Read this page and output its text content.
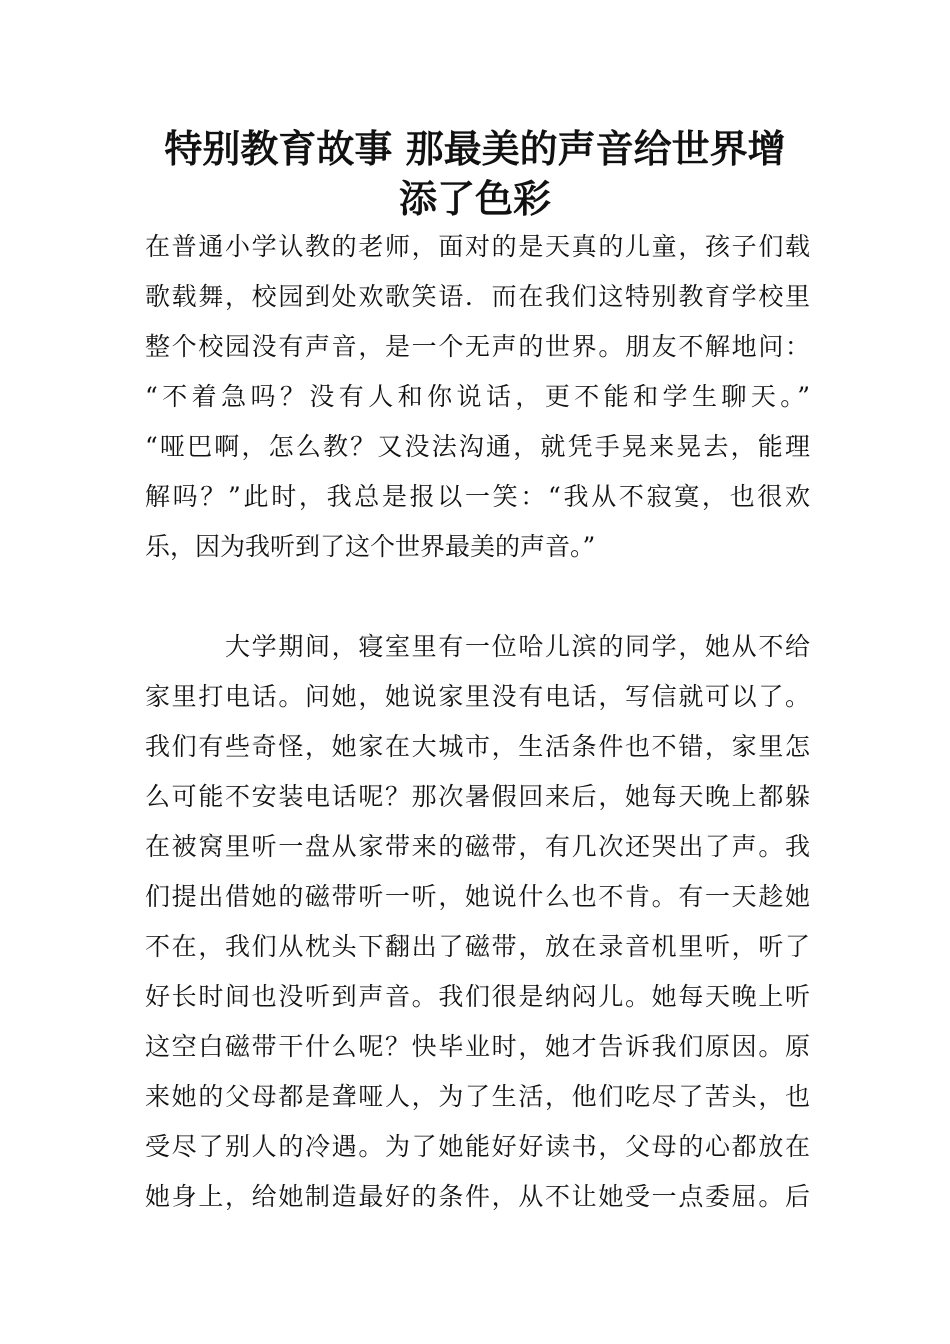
特别教育故事 那最美的声音给世界增
添了色彩

在普通小学认教的老师，面对的是天真的儿童，孩子们载

歌载舞，校园到处欢歌笑语．而在我们这特别教育学校里

整个校园没有声音，是一个无声的世界。朋友不解地问：

“不着急吗？没有人和你说话，更不能和学生聊天。”

“哑巴啊，怎么教？又没法沟通，就凭手晃来晃去，能理

解吗？”此时，我总是报以一笑：“我从不寂寞，也很欢

乐，因为我听到了这个世界最美的声音。”

大学期间，寝室里有一位哈儿滨的同学，她从不给

家里打电话。问她，她说家里没有电话，写信就可以了。

我们有些奇怪，她家在大城市，生活条件也不错，家里怎

么可能不安装电话呢？那次暑假回来后，她每天晚上都躲

在被窝里听一盘从家带来的磁带，有几次还哭出了声。我

们提出借她的磁带听一听，她说什么也不肯。有一天趁她

不在，我们从枕头下翻出了磁带，放在录音机里听，听了

好长时间也没听到声音。我们很是纳闷儿。她每天晚上听

这空白磁带干什么呢？快毕业时，她才告诉我们原因。原

来她的父母都是聋哑人，为了生活，他们吃尽了苦头，也

受尽了别人的冷遇。为了她能好好读书，父母的心都放在

她身上，给她制造最好的条件，从不让她受一点委屈。后
